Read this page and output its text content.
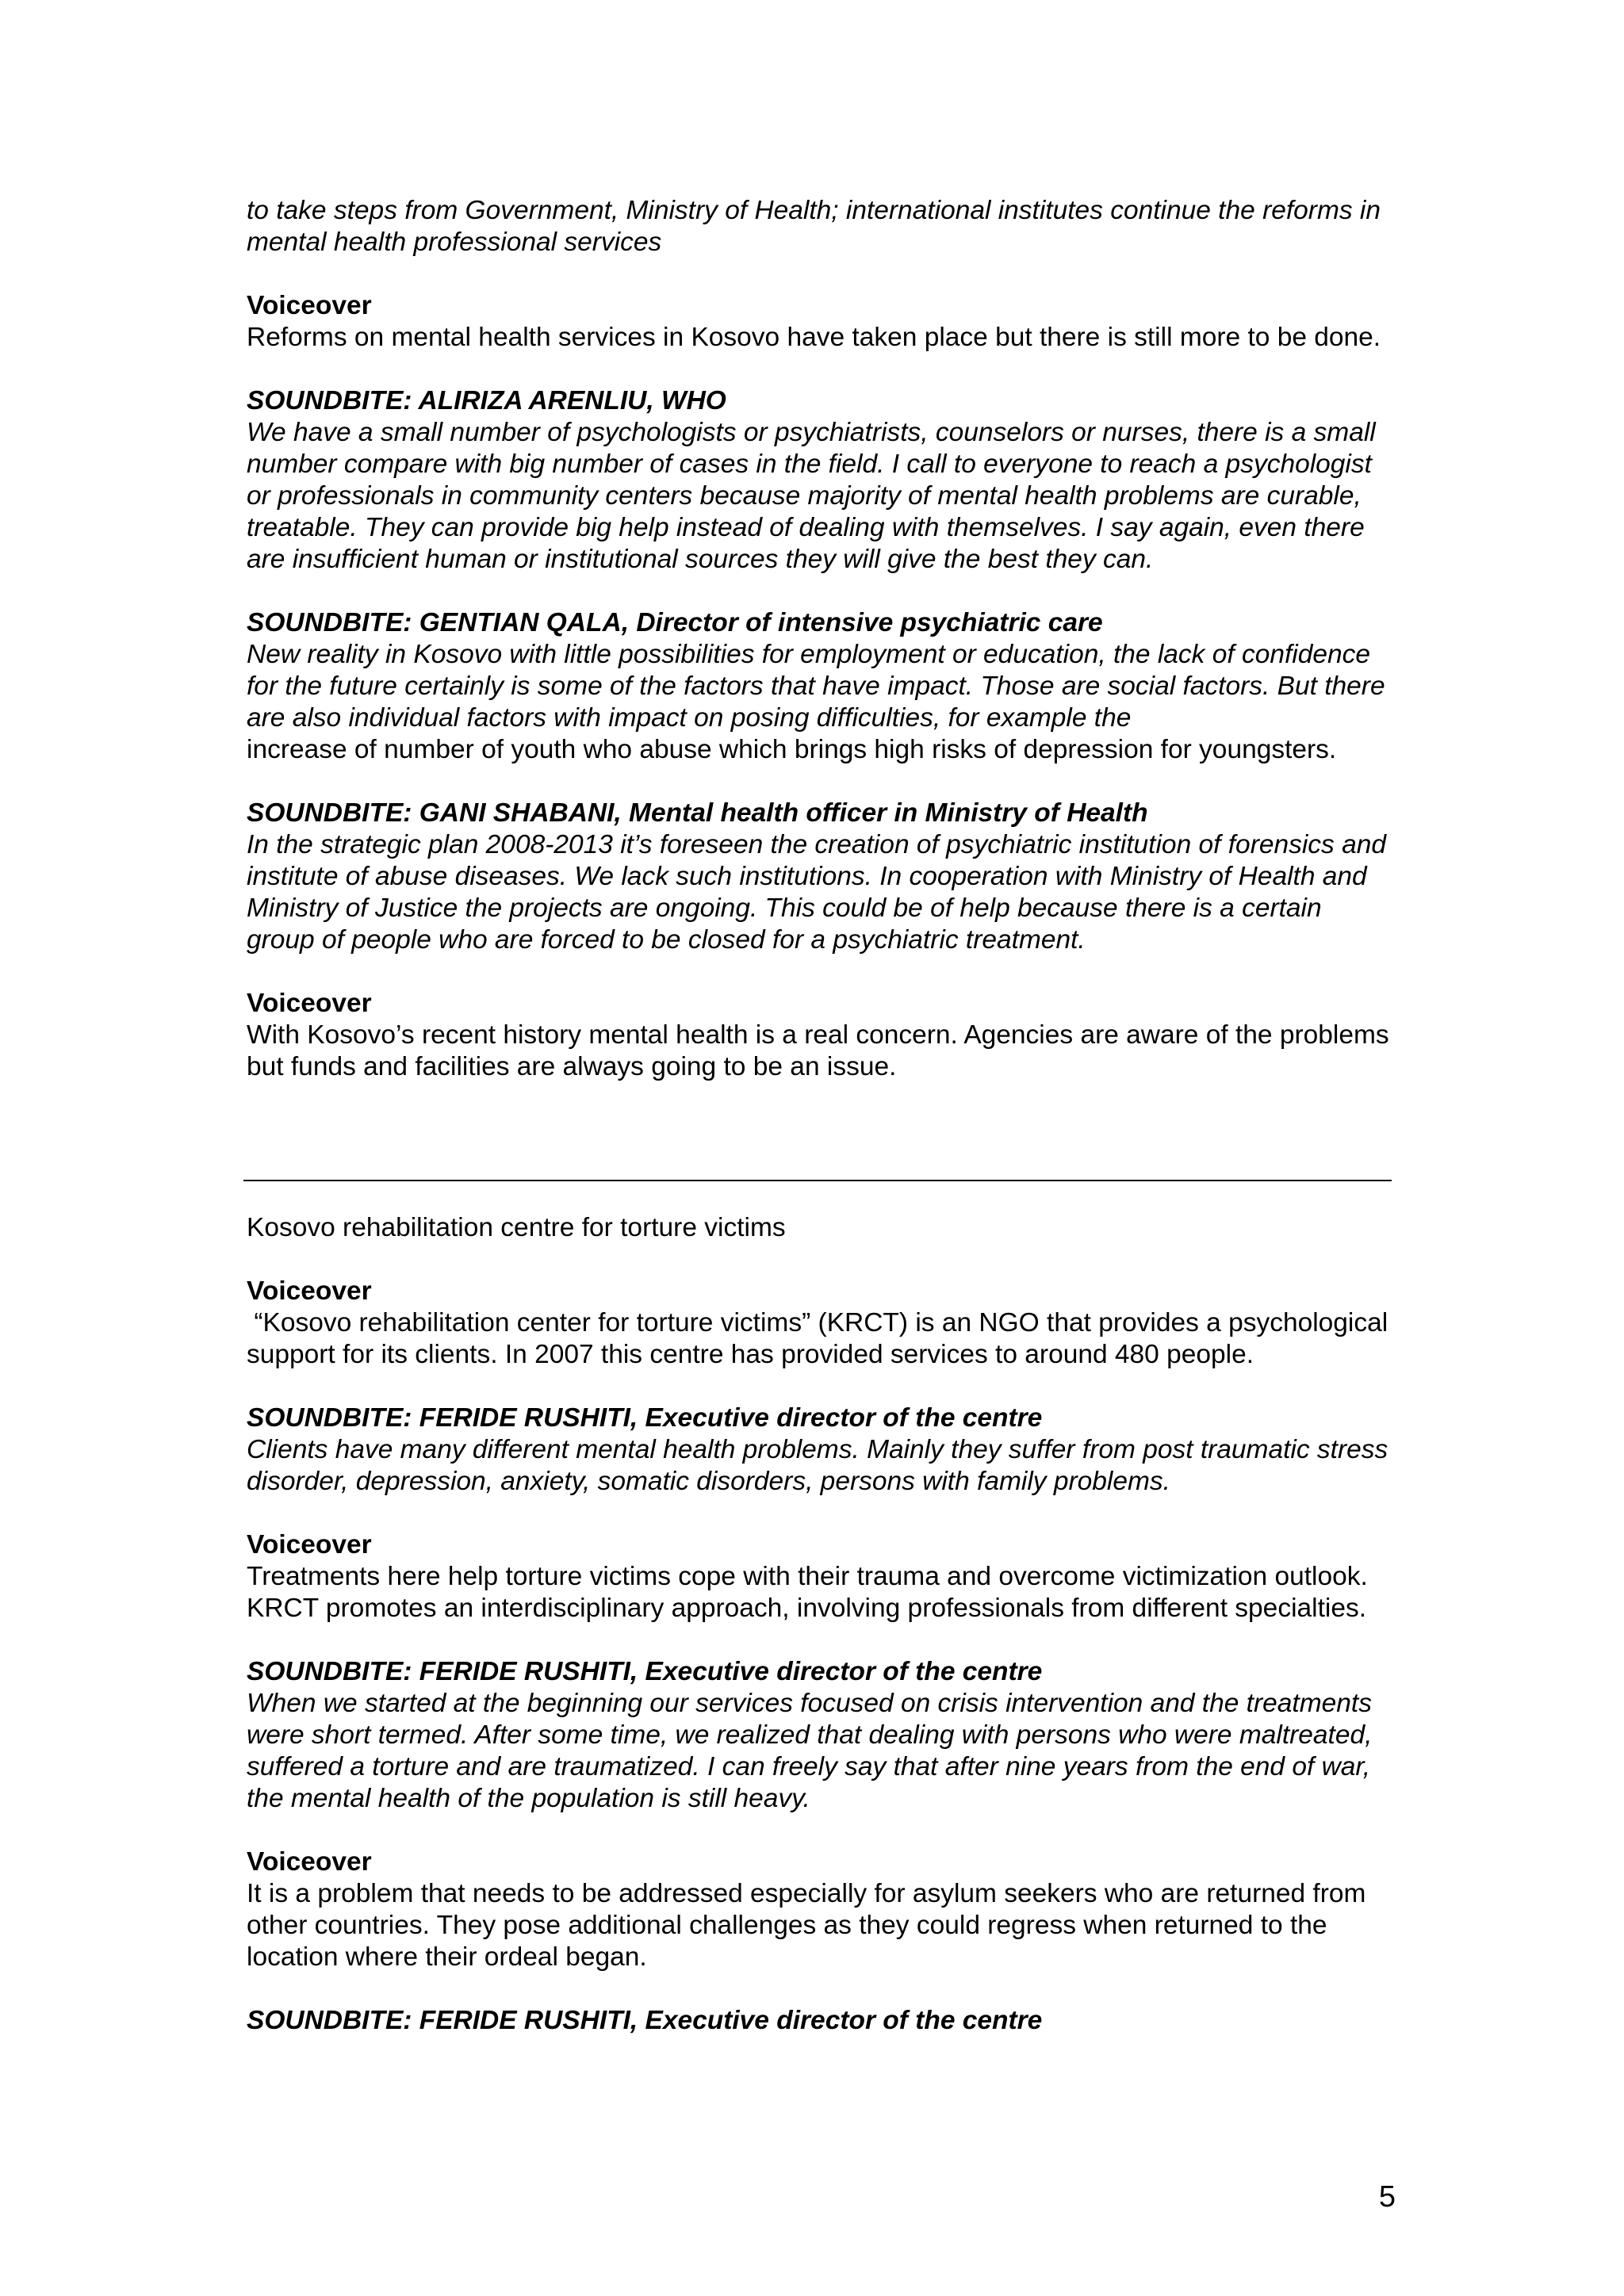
to take steps from Government, Ministry of Health; international institutes continue the reforms in mental health professional services

Voiceover

Reforms on mental health services in Kosovo have taken place but there is still more to be done.

SOUNDBITE: ALIRIZA ARENLIU, WHO

We have a small number of psychologists or psychiatrists, counselors or nurses, there is a small number compare with big number of cases in the field. I call to everyone to reach a psychologist or professionals in community centers because majority of mental health problems are curable, treatable. They can provide big help instead of dealing with themselves. I say again, even there are insufficient human or institutional sources they will give the best they can.

SOUNDBITE: GENTIAN QALA, Director of intensive psychiatric care

New reality in Kosovo with little possibilities for employment or education, the lack of confidence for the future certainly is some of the factors that have impact. Those are social factors. But there are also individual factors with impact on posing difficulties, for example the

increase of number of youth who abuse which brings high risks of depression for youngsters.

SOUNDBITE: GANI SHABANI, Mental health officer in Ministry of Health

In the strategic plan 2008-2013 it’s foreseen the creation of psychiatric institution of forensics and institute of abuse diseases. We lack such institutions. In cooperation with Ministry of Health and Ministry of Justice the projects are ongoing. This could be of help because there is a certain group of people who are forced to be closed for a psychiatric treatment.

Voiceover

With Kosovo’s recent history mental health is a real concern. Agencies are aware of the problems but funds and facilities are always going to be an issue.

Kosovo rehabilitation centre for torture victims

Voiceover

“Kosovo rehabilitation center for torture victims” (KRCT) is an NGO that provides a psychological support for its clients. In 2007 this centre has provided services to around 480 people.

SOUNDBITE: FERIDE RUSHITI, Executive director of the centre

Clients have many different mental health problems. Mainly they suffer from post traumatic stress disorder, depression, anxiety, somatic disorders, persons with family problems.

Voiceover

Treatments here help torture victims cope with their trauma and overcome victimization outlook. KRCT promotes an interdisciplinary approach, involving professionals from different specialties.

SOUNDBITE: FERIDE RUSHITI, Executive director of the centre

When we started at the beginning our services focused on crisis intervention and the treatments were short termed. After some time, we realized that dealing with persons who were maltreated, suffered a torture and are traumatized. I can freely say that after nine years from the end of war, the mental health of the population is still heavy.

Voiceover

It is a problem that needs to be addressed especially for asylum seekers who are returned from other countries. They pose additional challenges as they could regress when returned to the location where their ordeal began.

SOUNDBITE: FERIDE RUSHITI, Executive director of the centre

5
